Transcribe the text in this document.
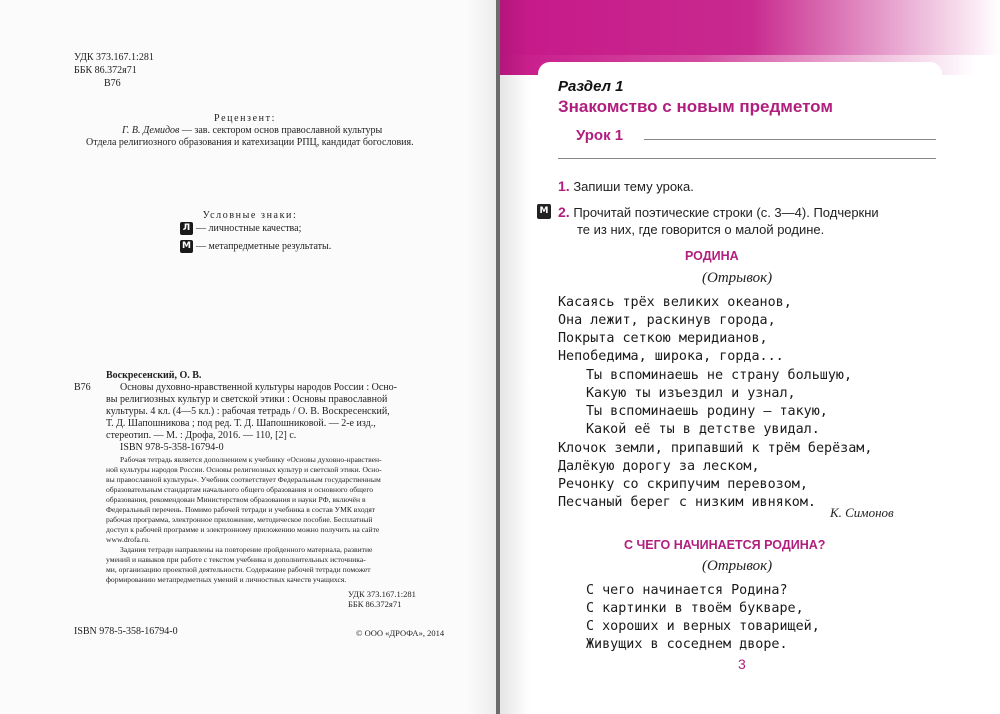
УДК 373.167.1:281
ББК 86.372я71
В76
Рецензент:
Г. В. Демидов — зав. сектором основ православной культуры
Отдела религиозного образования и катехизации РПЦ, кандидат богословия.
Условные знаки:
Л — личностные качества;
М — метапредметные результаты.
Воскресенский, О. В.
В76	Основы духовно-нравственной культуры народов России : Осно-
вы религиозных культур и светской этики : Основы православной
культуры. 4 кл. (4—5 кл.) : рабочая тетрадь / О. В. Воскресенский,
Т. Д. Шапошникова ; под ред. Т. Д. Шапошниковой. — 2-е изд.,
стереотип. — М. : Дрофа, 2016. — 110, [2] с.
ISBN 978-5-358-16794-0
Рабочая тетрадь является дополнением к учебнику «Основы духовно-нравствен-
ной культуры народов России. Основы религиозных культур и светской этики. Осно-
вы православной культуры». Учебник соответствует Федеральным государственным
образовательным стандартам начального общего образования и основного общего
образования, рекомендован Министерством образования и науки РФ, включён в
Федеральный перечень. Помимо рабочей тетради и учебника в состав УМК входят
рабочая программа, электронное приложение, методическое пособие. Бесплатный
доступ к рабочей программе и электронному приложению можно получить на сайте
www.drofa.ru.
Задания тетради направлены на повторение пройденного материала, развитие
умений и навыков при работе с текстом учебника и дополнительных источника-
ми, организацию проектной деятельности. Содержание рабочей тетради поможет
формированию метапредметных умений и личностных качеств учащихся.
УДК 373.167.1:281
ББК 86.372я71
ISBN 978-5-358-16794-0	© ООО «ДРОФА», 2014
Раздел 1
Знакомство с новым предметом
Урок 1
1. Запиши тему урока.
М 2. Прочитай поэтические строки (с. 3—4). Подчеркни
те из них, где говорится о малой родине.
РОДИНА
(Отрывок)
Касаясь трёх великих океанов,
Она лежит, раскинув города,
Покрыта сеткою меридианов,
Непобедима, широка, горда...
Ты вспоминаешь не страну большую,
Какую ты изъездил и узнал,
Ты вспоминаешь родину — такую,
Какой её ты в детстве увидал.
Клочок земли, припавший к трём берёзам,
Далёкую дорогу за леском,
Речонку со скрипучим перевозом,
Песчаный берег с низким ивняком.
К. Симонов
С ЧЕГО НАЧИНАЕТСЯ РОДИНА?
(Отрывок)
С чего начинается Родина?
С картинки в твоём букваре,
С хороших и верных товарищей,
Живущих в соседнем дворе.
3
